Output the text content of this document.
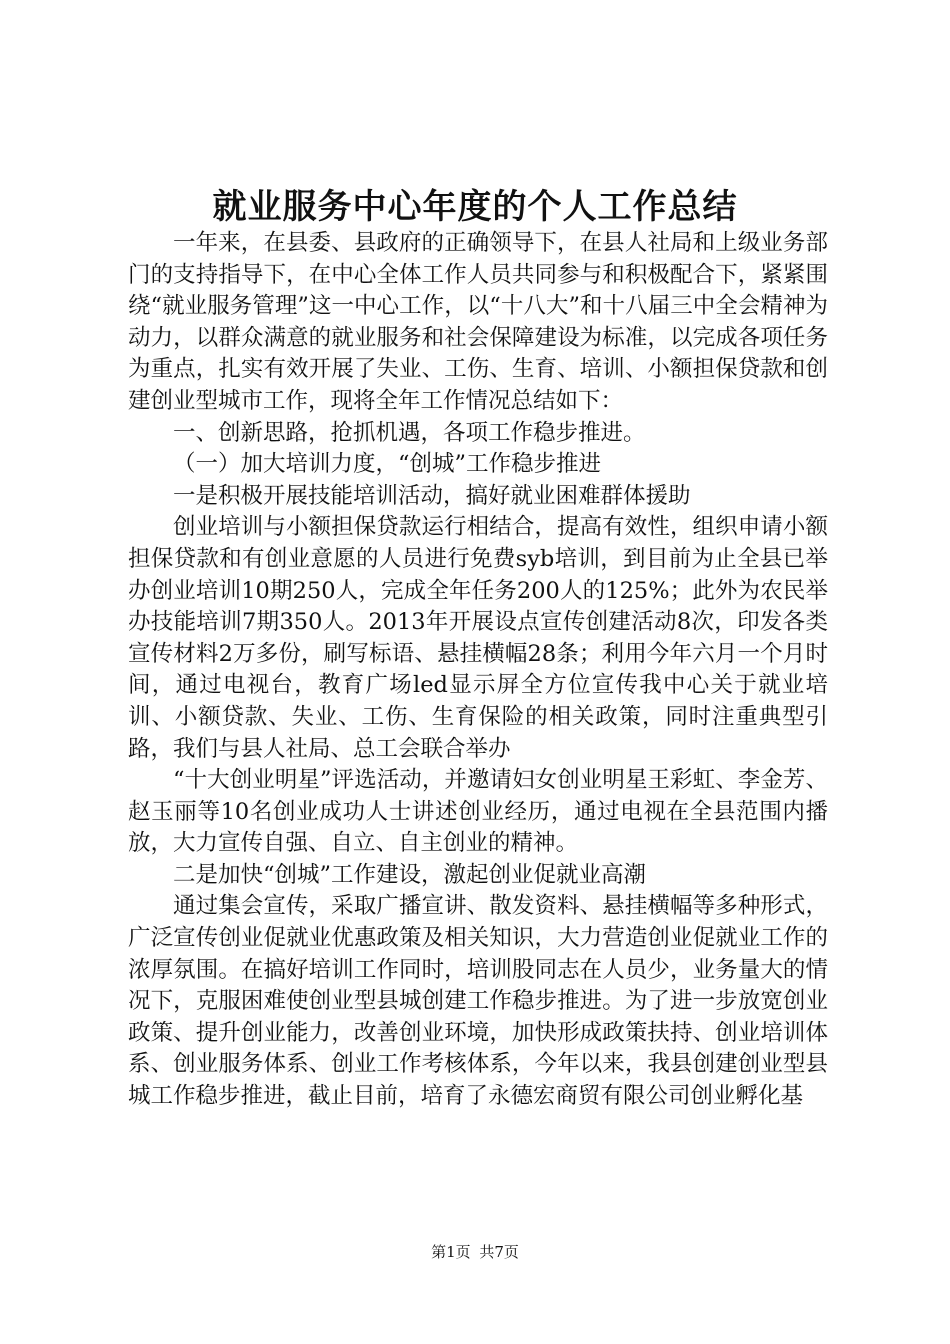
就业服务中心年度的个人工作总结

一年来，在县委、县政府的正确领导下，在县人社局和上级业务部门的支持指导下，在中心全体工作人员共同参与和积极配合下，紧紧围绕“就业服务管理”这一中心工作，以“十八大”和十八届三中全会精神为动力，以群众满意的就业服务和社会保障建设为标准，以完成各项任务为重点，扎实有效开展了失业、工伤、生育、培训、小额担保贷款和创建创业型城市工作，现将全年工作情况总结如下：

一、创新思路，抢抓机遇，各项工作稳步推进。

（一）加大培训力度，“创城”工作稳步推进

一是积极开展技能培训活动，搞好就业困难群体援助

创业培训与小额担保贷款运行相结合，提高有效性，组织申请小额担保贷款和有创业意愿的人员进行免费syb培训，到目前为止全县已举办创业培训10期250人，完成全年任务200人的125%；此外为农民举办技能培训7期350人。2013年开展设点宣传创建活动8次，印发各类宣传材料2万多份，刷写标语、悬挂横幅28条；利用今年六月一个月时间，通过电视台，教育广场led显示屏全方位宣传我中心关于就业培训、小额贷款、失业、工伤、生育保险的相关政策，同时注重典型引路，我们与县人社局、总工会联合举办

“十大创业明星”评选活动，并邀请妇女创业明星王彩虹、李金芳、赵玉丽等10名创业成功人士讲述创业经历，通过电视在全县范围内播放，大力宣传自强、自立、自主创业的精神。

二是加快“创城”工作建设，激起创业促就业高潮

通过集会宣传，采取广播宣讲、散发资料、悬挂横幅等多种形式，广泛宣传创业促就业优惠政策及相关知识，大力营造创业促就业工作的浓厚氛围。在搞好培训工作同时，培训股同志在人员少，业务量大的情况下，克服困难使创业型县城创建工作稳步推进。为了进一步放宽创业政策、提升创业能力，改善创业环境，加快形成政策扶持、创业培训体系、创业服务体系、创业工作考核体系，今年以来，我县创建创业型县城工作稳步推进，截止目前，培育了永德宏商贸有限公司创业孵化基

第1页 共7页
